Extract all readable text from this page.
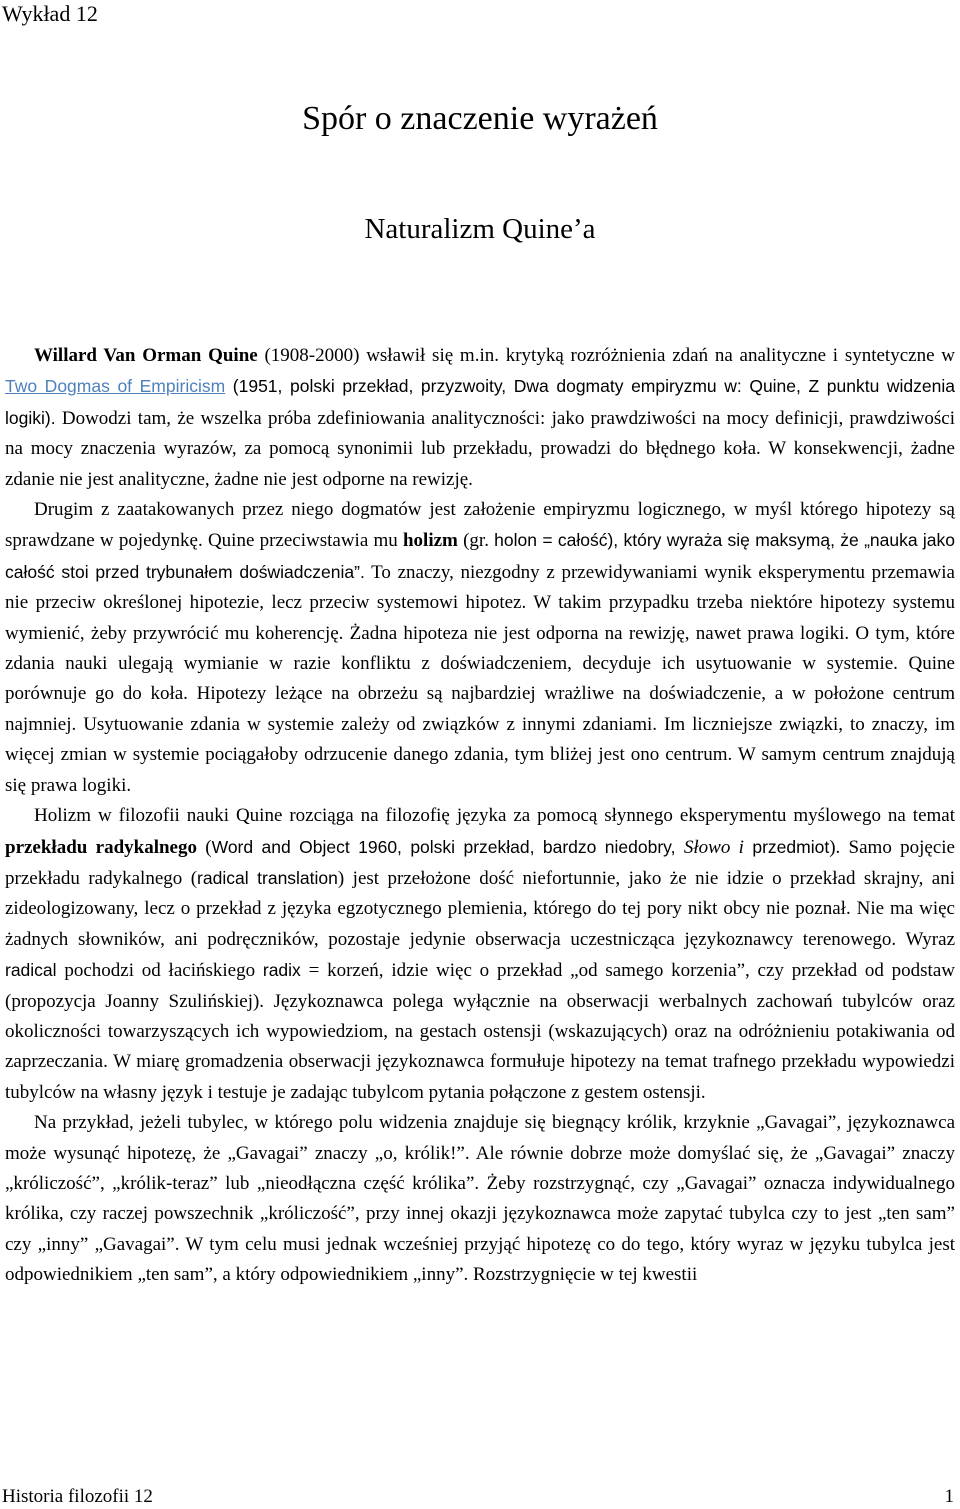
Wykład 12
Spór o znaczenie wyrażeń
Naturalizm Quine’a

Willard Van Orman Quine (1908-2000) wsławił się m.in. krytyką rozróżnienia zdań na analityczne i syntetyczne w Two Dogmas of Empiricism (1951, polski przekład, przyzwoity, Dwa dogmaty empiryzmu w: Quine, Z punktu widzenia logiki). Dowodzi tam, że wszelka próba zdefiniowania analityczności: jako prawdziwości na mocy definicji, prawdziwości na mocy znaczenia wyrazów, za pomocą synonimii lub przekładu, prowadzi do błędnego koła. W konsekwencji, żadne zdanie nie jest analityczne, żadne nie jest odporne na rewizję.

Drugim z zaatakowanych przez niego dogmatów jest założenie empiryzmu logicznego, w myśl którego hipotezy są sprawdzane w pojedynkę. Quine przeciwstawia mu holizm (gr. holon = całość), który wyraża się maksymą, że „nauka jako całość stoi przed trybunałem doświadczenia”. To znaczy, niezgodny z przewidywaniami wynik eksperymentu przemawia nie przeciw określonej hipotezie, lecz przeciw systemowi hipotez. W takim przypadku trzeba niektóre hipotezy systemu wymienić, żeby przywrócić mu koherencję. Żadna hipoteza nie jest odporna na rewizję, nawet prawa logiki. O tym, które zdania nauki ulegają wymianie w razie konfliktu z doświadczeniem, decyduje ich usytuowanie w systemie. Quine porównuje go do koła. Hipotezy leżące na obrzeżu są najbardziej wrażliwe na doświadczenie, a w położone centrum najmniej. Usytuowanie zdania w systemie zależy od związków z innymi zdaniami. Im liczniejsze związki, to znaczy, im więcej zmian w systemie pociągałoby odrzucenie danego zdania, tym bliżej jest ono centrum. W samym centrum znajdują się prawa logiki.

Holizm w filozofii nauki Quine rozciąga na filozofię języka za pomocą słynnego eksperymentu myślowego na temat przekładu radykalnego (Word and Object 1960, polski przekład, bardzo niedobry, Słowo i przedmiot). Samo pojęcie przekładu radykalnego (radical translation) jest przełożone dość niefortunnie, jako że nie idzie o przekład skrajny, ani zideologizowany, lecz o przekład z języka egzotycznego plemienia, którego do tej pory nikt obcy nie poznał. Nie ma więc żadnych słowników, ani podręczników, pozostaje jedynie obserwacja uczestnicząca językoznawcy terenowego. Wyraz radical pochodzi od łacińskiego radix = korzeń, idzie więc o przekład „od samego korzenia”, czy przekład od podstaw (propozycja Joanny Szulińskiej). Językoznawca polega wyłącznie na obserwacji werbalnych zachowań tubylców oraz okoliczności towarzyszących ich wypowiedziom, na gestach ostensji (wskazujących) oraz na odróżnieniu potakiwania od zaprzeczania. W miarę gromadzenia obserwacji językoznawca formułuje hipotezy na temat trafnego przekładu wypowiedzi tubylców na własny język i testuje je zadając tubylcom pytania połączone z gestem ostensji.

Na przykład, jeżeli tubylec, w którego polu widzenia znajduje się biegnący królik, krzyknie „Gavagai”, językoznawca może wysunąć hipotezę, że „Gavagai” znaczy „o, królik!”. Ale równie dobrze może domyślać się, że „Gavagai” znaczy „króliczość”, „królik-teraz” lub „nieodłączna część królika”. Żeby rozstrzygnąć, czy „Gavagai” oznacza indywidualnego królika, czy raczej powszechnik „króliczość”, przy innej okazji językoznawca może zapytać tubylca czy to jest „ten sam” czy „inny” „Gavagai”. W tym celu musi jednak wcześniej przyjąć hipotezę co do tego, który wyraz w języku tubylca jest odpowiednikiem „ten sam”, a który odpowiednikiem „inny”. Rozstrzygnięcie w tej kwestii

Historia filozofii 12	1
